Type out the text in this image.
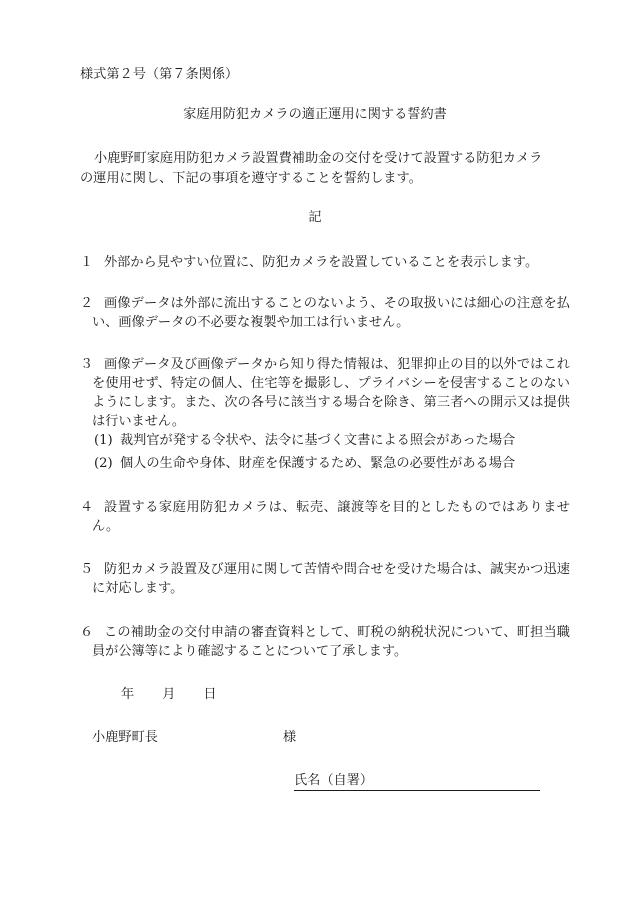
様式第２号（第７条関係）
家庭用防犯カメラの適正運用に関する誓約書
小鹿野町家庭用防犯カメラ設置費補助金の交付を受けて設置する防犯カメラ
の運用に関し、下記の事項を遵守することを誓約します。
記
１ 外部から見やすい位置に、防犯カメラを設置していることを表示します。
２ 画像データは外部に流出することのないよう、その取扱いには細心の注意を払い、画像データの不必要な複製や加工は行いません。
３ 画像データ及び画像データから知り得た情報は、犯罪抑止の目的以外ではこれを使用せず、特定の個人、住宅等を撮影し、プライバシーを侵害することのないようにします。また、次の各号に該当する場合を除き、第三者への開示又は提供は行いません。
(1) 裁判官が発する令状や、法令に基づく文書による照会があった場合
(2) 個人の生命や身体、財産を保護するため、緊急の必要性がある場合
４ 設置する家庭用防犯カメラは、転売、譲渡等を目的としたものではありません。
５ 防犯カメラ設置及び運用に関して苦情や問合せを受けた場合は、誠実かつ迅速に対応します。
６ この補助金の交付申請の審査資料として、町税の納税状況について、町担当職員が公簿等により確認することについて了承します。
年 月 日
小鹿野町長	様
氏名（自署）
